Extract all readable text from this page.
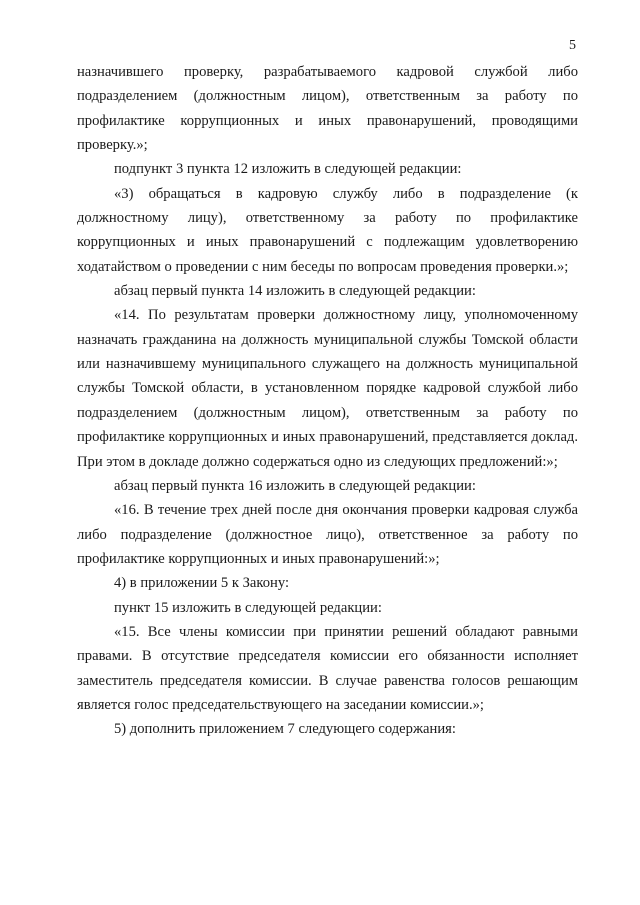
5

назначившего проверку, разрабатываемого кадровой службой либо подразделением (должностным лицом), ответственным за работу по профилактике коррупционных и иных правонарушений, проводящими проверку.»;

подпункт 3 пункта 12 изложить в следующей редакции:

«3) обращаться в кадровую службу либо в подразделение (к должностному лицу), ответственному за работу по профилактике коррупционных и иных правонарушений с подлежащим удовлетворению ходатайством о проведении с ним беседы по вопросам проведения проверки.»;

абзац первый пункта 14 изложить в следующей редакции:

«14. По результатам проверки должностному лицу, уполномоченному назначать гражданина на должность муниципальной службы Томской области или назначившему муниципального служащего на должность муниципальной службы Томской области, в установленном порядке кадровой службой либо подразделением (должностным лицом), ответственным за работу по профилактике коррупционных и иных правонарушений, представляется доклад. При этом в докладе должно содержаться одно из следующих предложений:»;

абзац первый пункта 16 изложить в следующей редакции:

«16. В течение трех дней после дня окончания проверки кадровая служба либо подразделение (должностное лицо), ответственное за работу по профилактике коррупционных и иных правонарушений:»;

4) в приложении 5 к Закону:

пункт 15 изложить в следующей редакции:

«15. Все члены комиссии при принятии решений обладают равными правами. В отсутствие председателя комиссии его обязанности исполняет заместитель председателя комиссии. В случае равенства голосов решающим является голос председательствующего на заседании комиссии.»;

5) дополнить приложением 7 следующего содержания:
